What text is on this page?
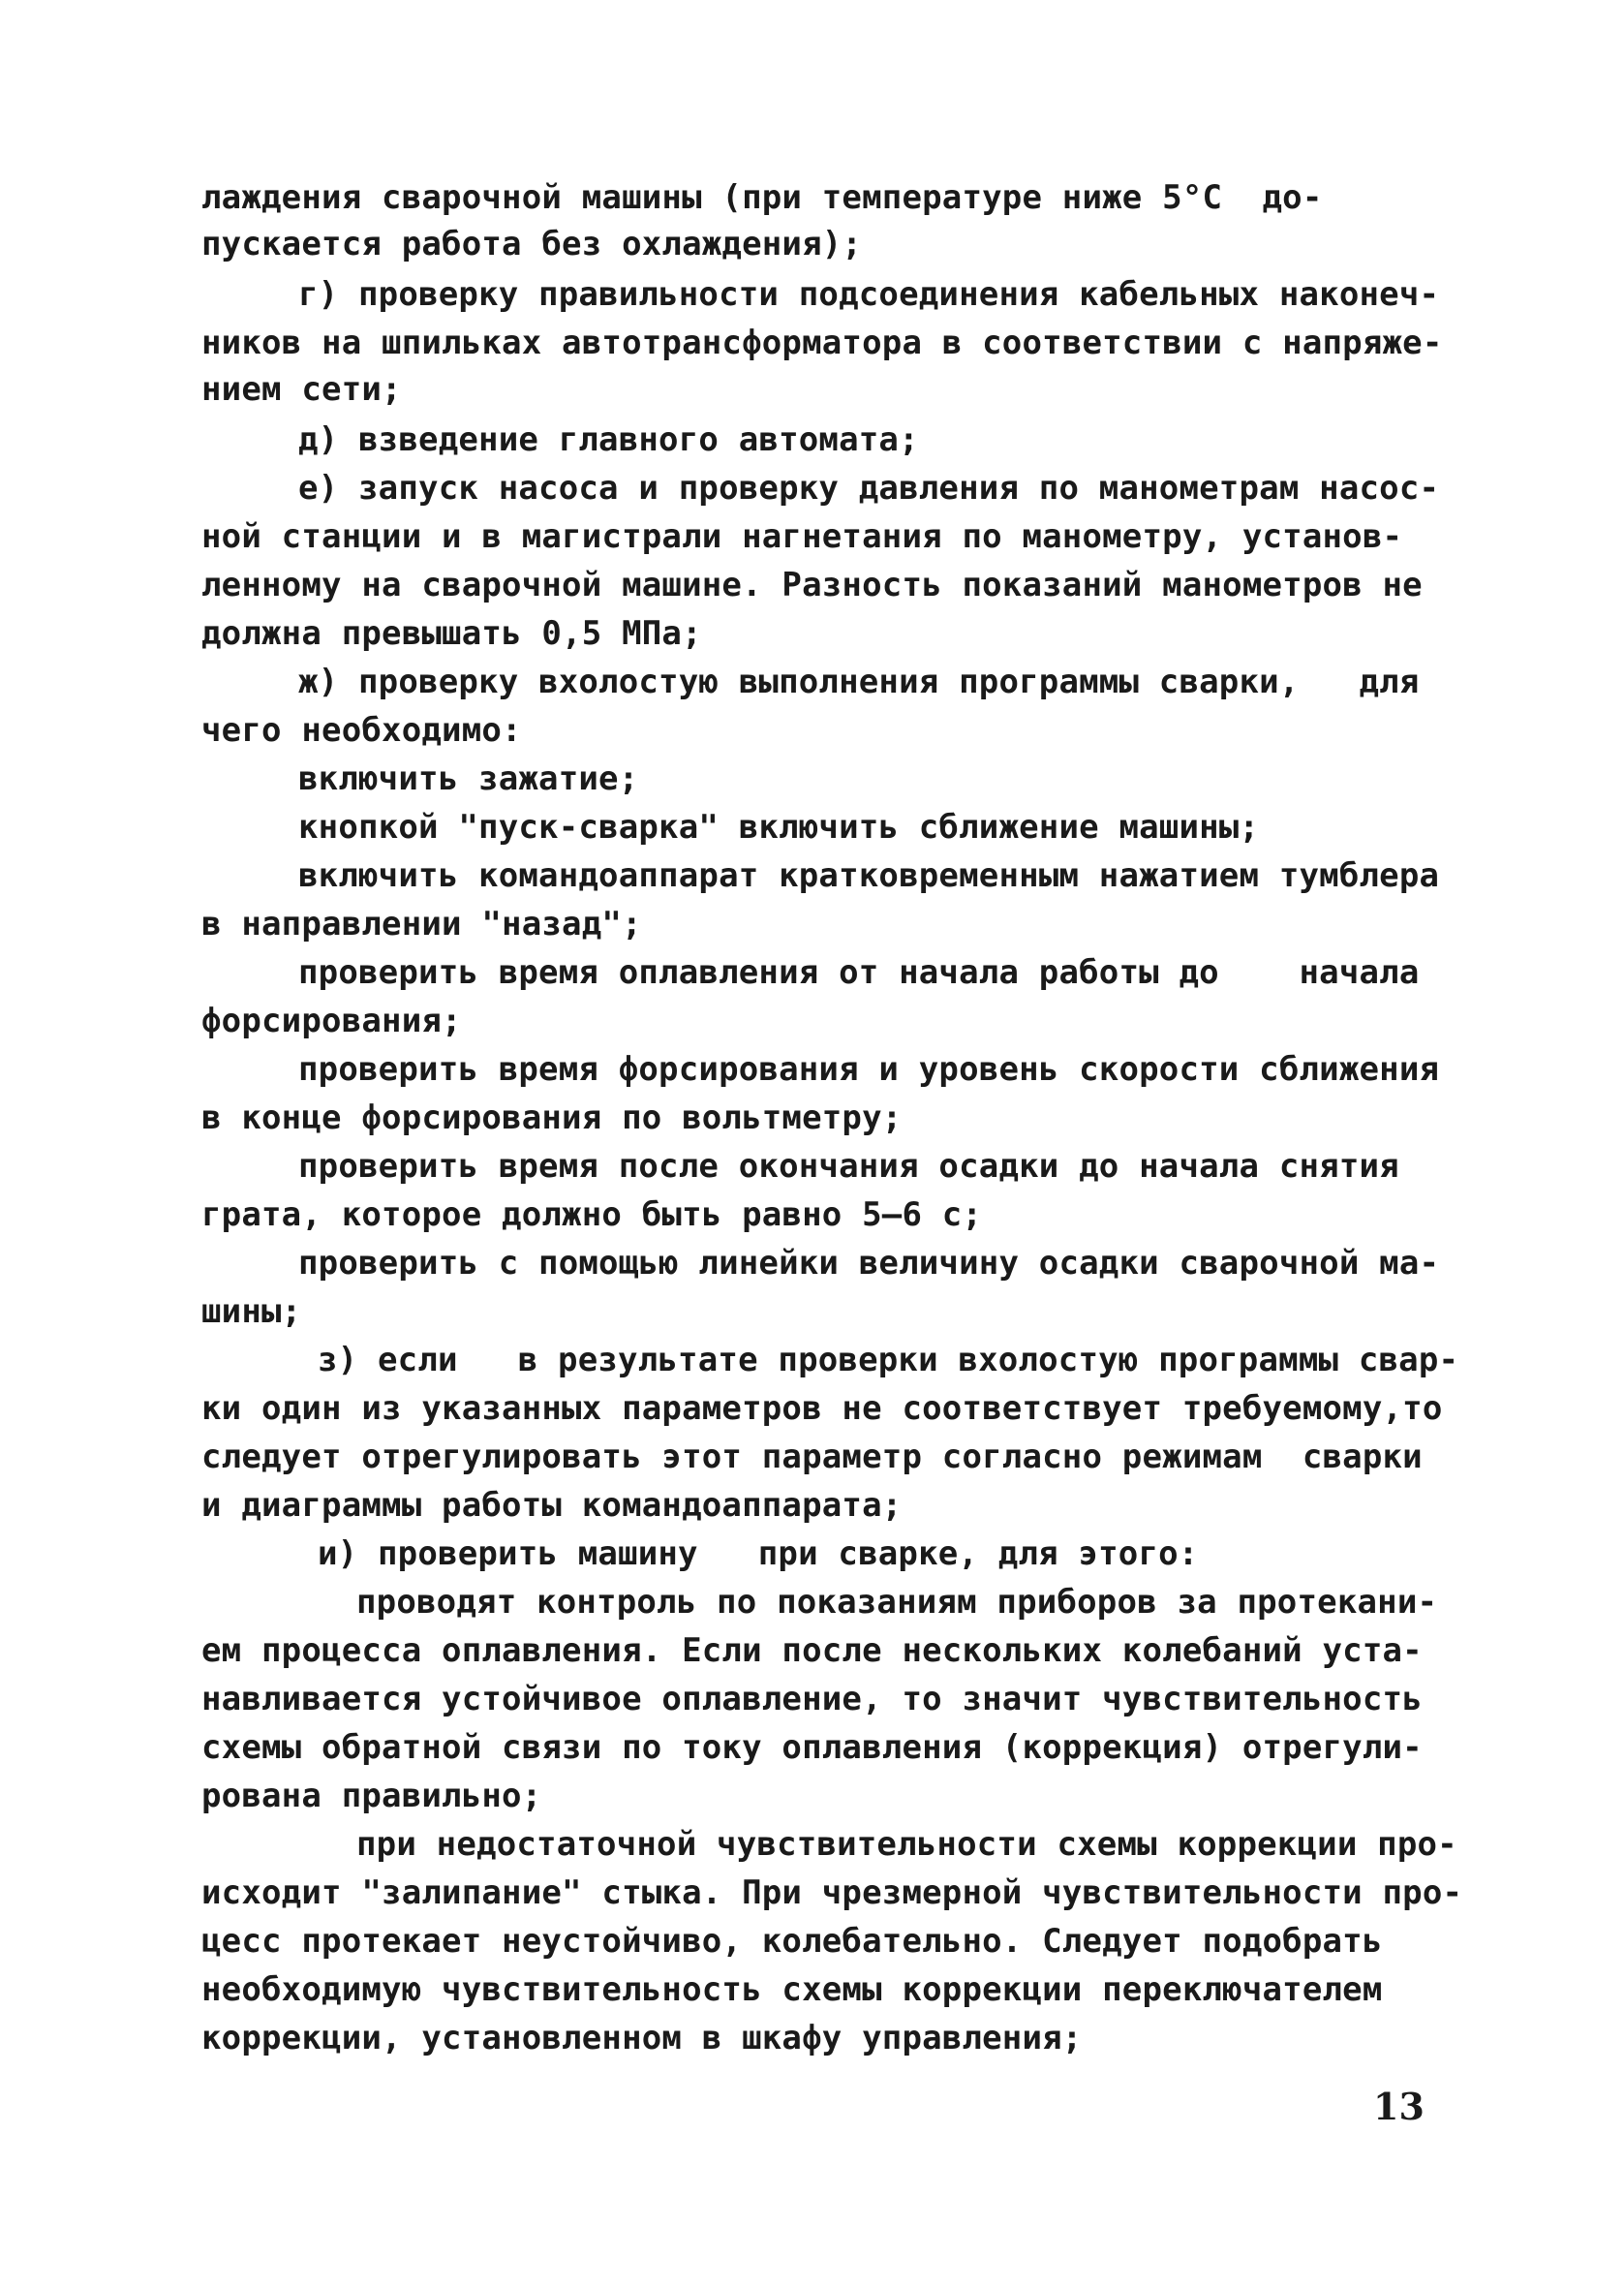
лаждения сварочной машины (при температуре ниже 5°С  до-
пускается работа без охлаждения);
г) проверку правильности подсоединения кабельных наконеч-
ников на шпильках автотрансформатора в соответствии с напряже-
нием сети;
д) взведение главного автомата;
е) запуск насоса и проверку давления по манометрам насос-
ной станции и в магистрали нагнетания по манометру, установ-
ленному на сварочной машине. Разность показаний манометров не
должна превышать 0,5 МПа;
ж) проверку вхолостую выполнения программы сварки,   для
чего необходимо:
включить зажатие;
кнопкой "пуск-сварка" включить сближение машины;
включить командоаппарат кратковременным нажатием тумблера
в направлении "назад";
проверить время оплавления от начала работы до    начала
форсирования;
проверить время форсирования и уровень скорости сближения
в конце форсирования по вольтметру;
проверить время после окончания осадки до начала снятия
грата, которое должно быть равно 5–6 с;
проверить с помощью линейки величину осадки сварочной ма-
шины;
з) если   в результате проверки вхолостую программы свар-
ки один из указанных параметров не соответствует требуемому,то
следует отрегулировать этот параметр согласно режимам  сварки
и диаграммы работы командоаппарата;
и) проверить машину   при сварке, для этого:
проводят контроль по показаниям приборов за протекани-
ем процесса оплавления. Если после нескольких колебаний уста-
навливается устойчивое оплавление, то значит чувствительность
схемы обратной связи по току оплавления (коррекция) отрегули-
рована правильно;
при недостаточной чувствительности схемы коррекции про-
исходит "залипание" стыка. При чрезмерной чувствительности про-
цесс протекает неустойчиво, колебательно. Следует подобрать
необходимую чувствительность схемы коррекции переключателем
коррекции, установленном в шкафу управления;
13
